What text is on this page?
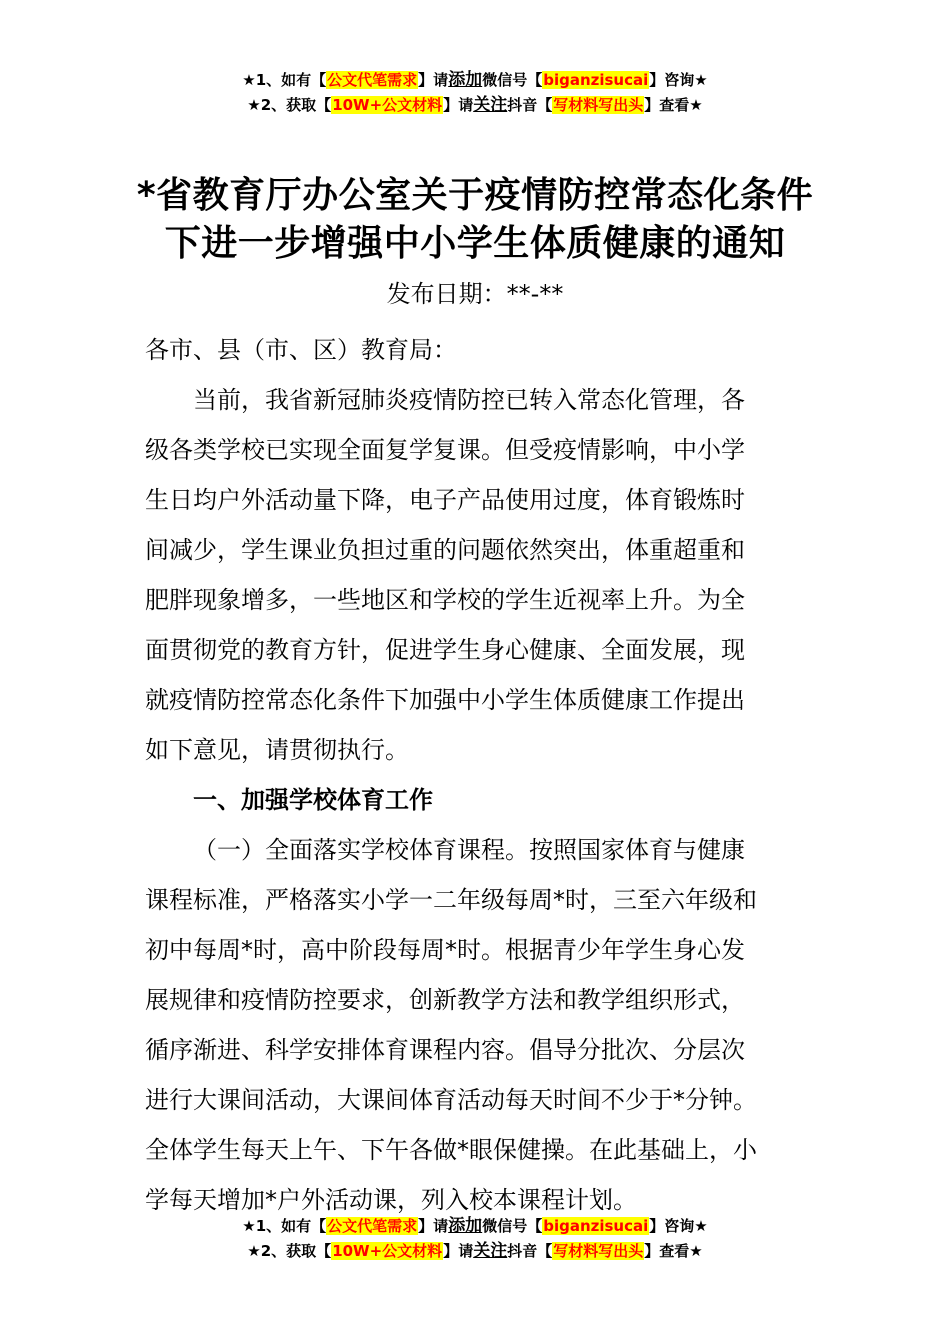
★1、如有【公文代笔需求】请添加微信号【biganzisucai】咨询★
★2、获取【10W+公文材料】请关注抖音【写材料写出头】查看★
*省教育厅办公室关于疫情防控常态化条件
下进一步增强中小学生体质健康的通知
发布日期：**-**

各市、县（市、区）教育局：

当前，我省新冠肺炎疫情防控已转入常态化管理，各

级各类学校已实现全面复学复课。但受疫情影响，中小学

生日均户外活动量下降，电子产品使用过度，体育锻炼时

间减少，学生课业负担过重的问题依然突出，体重超重和

肥胖现象增多，一些地区和学校的学生近视率上升。为全

面贯彻党的教育方针，促进学生身心健康、全面发展，现

就疫情防控常态化条件下加强中小学生体质健康工作提出

如下意见，请贯彻执行。

一、加强学校体育工作

（一）全面落实学校体育课程。按照国家体育与健康

课程标准，严格落实小学一二年级每周*时，三至六年级和

初中每周*时，高中阶段每周*时。根据青少年学生身心发

展规律和疫情防控要求，创新教学方法和教学组织形式，

循序渐进、科学安排体育课程内容。倡导分批次、分层次

进行大课间活动，大课间体育活动每天时间不少于*分钟。

全体学生每天上午、下午各做*眼保健操。在此基础上，小

学每天增加*户外活动课，列入校本课程计划。

★1、如有【公文代笔需求】请添加微信号【biganzisucai】咨询★
★2、获取【10W+公文材料】请关注抖音【写材料写出头】查看★
